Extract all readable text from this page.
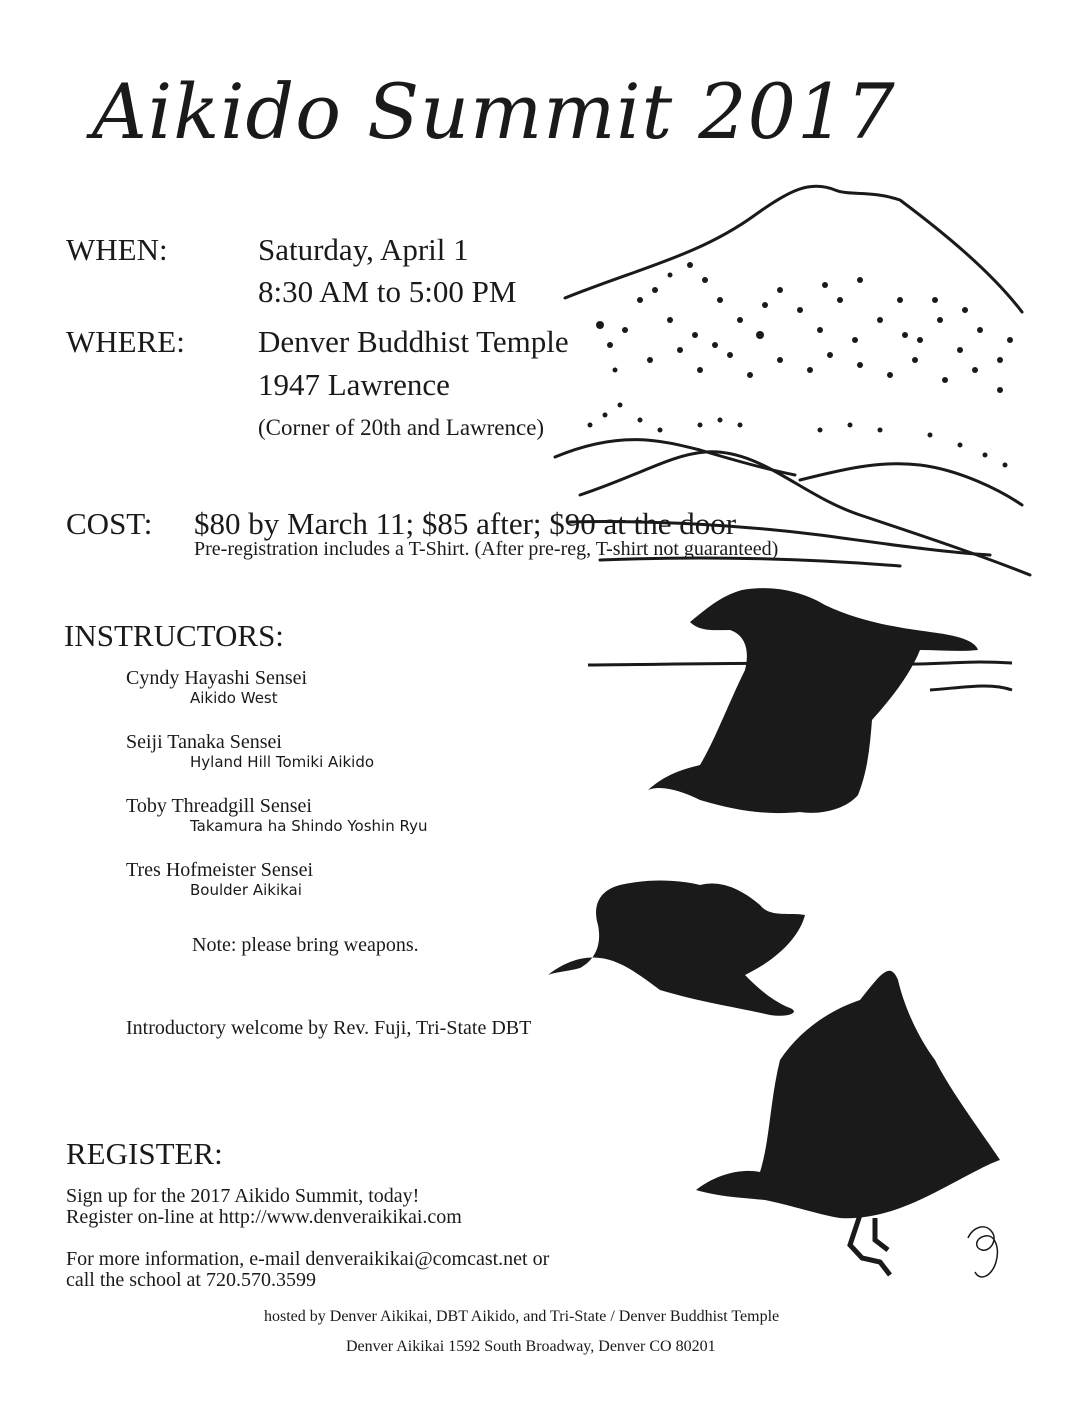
Aikido Summit 2017
WHEN:	Saturday, April 1
8:30 AM to 5:00 PM
WHERE: Denver Buddhist Temple
1947 Lawrence
(Corner of 20th and Lawrence)
COST: $80 by March 11; $85 after; $90 at the door
Pre-registration includes a T-Shirt. (After pre-reg, T-shirt not guaranteed)
INSTRUCTORS:
Cyndy Hayashi Sensei
Aikido West
Seiji Tanaka Sensei
Hyland Hill Tomiki Aikido
Toby Threadgill Sensei
Takamura ha Shindo Yoshin Ryu
Tres Hofmeister Sensei
Boulder Aikikai
Note: please bring weapons.
Introductory welcome by Rev. Fuji, Tri-State DBT
REGISTER:
Sign up for the 2017 Aikido Summit, today!
Register on-line at http://www.denveraikikai.com
For more information, e-mail denveraikikai@comcast.net or
call the school at 720.570.3599
hosted by Denver Aikikai, DBT Aikido, and Tri-State / Denver Buddhist Temple
Denver Aikikai 1592 South Broadway, Denver CO 80201
